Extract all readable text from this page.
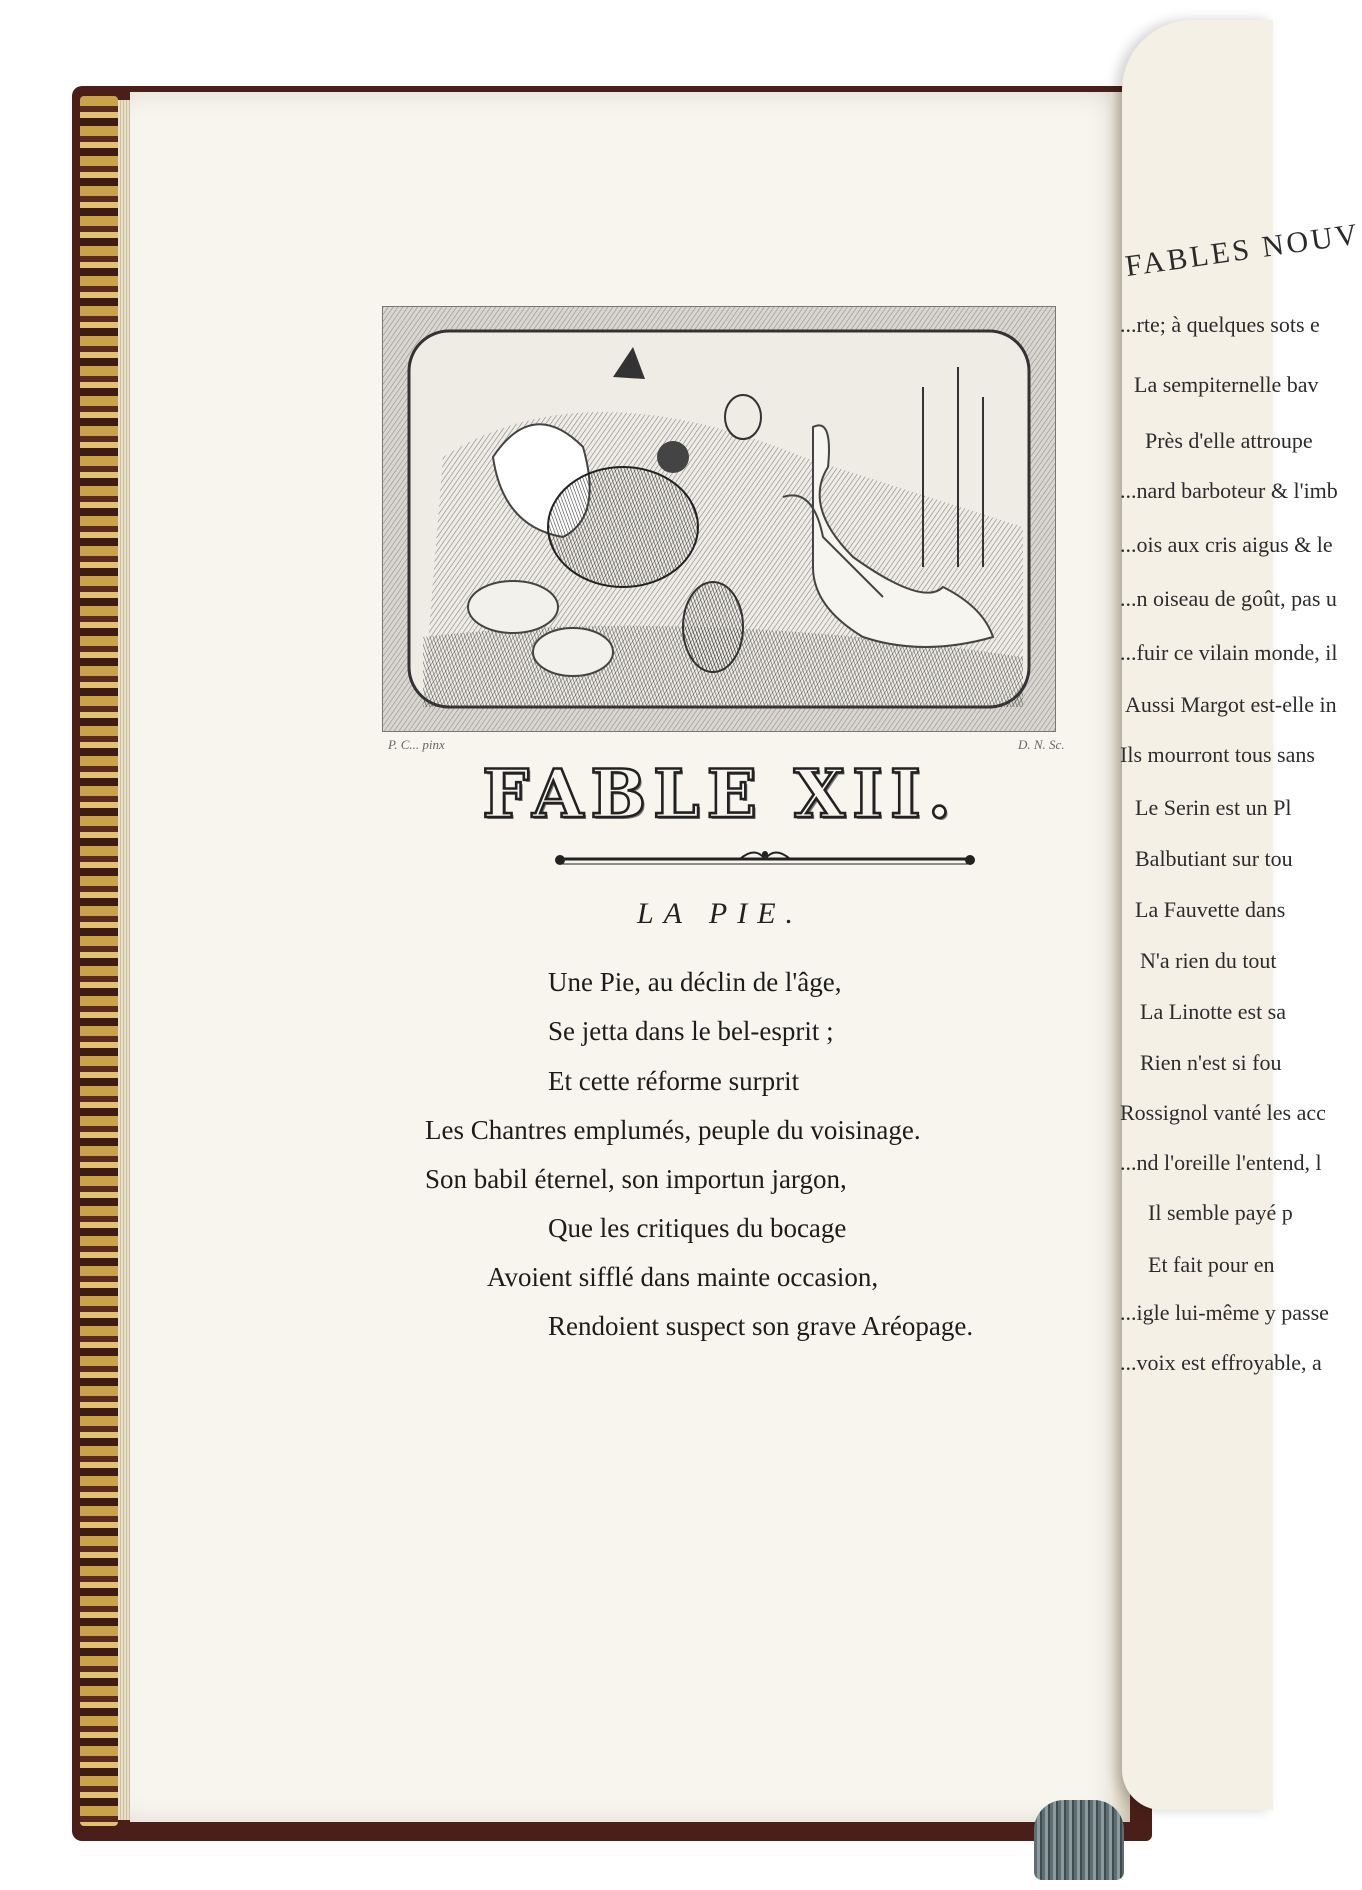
P. C... pinx	D. N. Sc.
FABLE XII.
LA PIE.
Une Pie, au déclin de l'âge,
Se jetta dans le bel-esprit ;
Et cette réforme surprit
Les Chantres emplumés, peuple du voisinage.
Son babil éternel, son importun jargon,
Que les critiques du bocage
Avoient sifflé dans mainte occasion,
Rendoient suspect son grave Aréopage.
FABLES NOUV
...rte; à quelques sots e
La sempiternelle bav
Près d'elle attroupe
...nard barboteur & l'imb
...ois aux cris aigus & le
...n oiseau de goût, pas u
...fuir ce vilain monde, il
Aussi Margot est-elle in
Ils mourront tous sans
Le Serin est un Pl
Balbutiant sur tou
La Fauvette dans
N'a rien du tout
La Linotte est sa
Rien n'est si fou
Rossignol vanté les acc
...nd l'oreille l'entend, l
Il semble payé p
Et fait pour en
...igle lui-même y passe
...voix est effroyable, a
